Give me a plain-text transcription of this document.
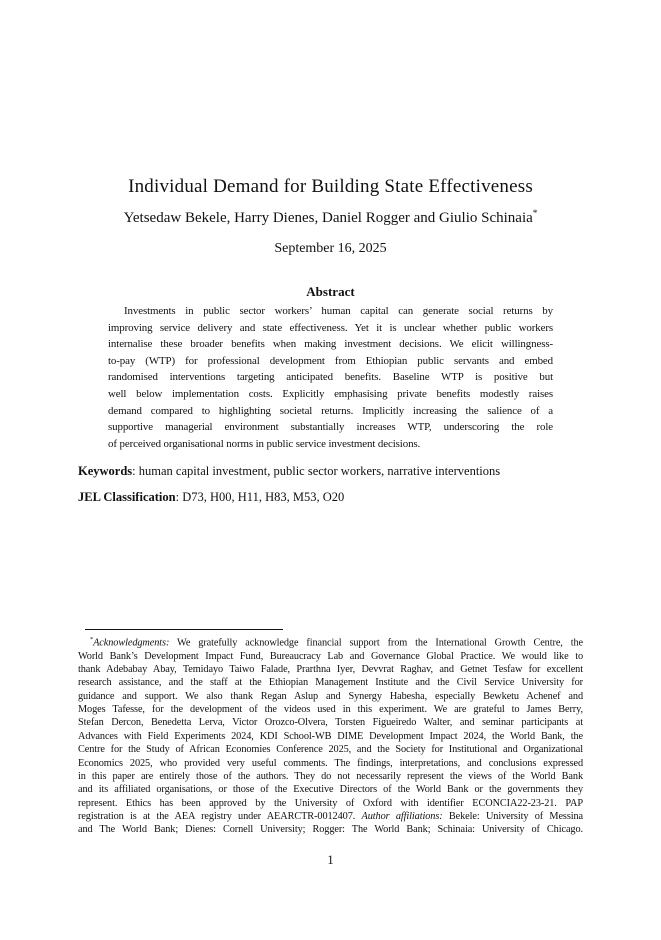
Individual Demand for Building State Effectiveness
Yetsedaw Bekele, Harry Dienes, Daniel Rogger and Giulio Schinaia*
September 16, 2025
Abstract
Investments in public sector workers’ human capital can generate social returns by
improving service delivery and state effectiveness. Yet it is unclear whether public workers
internalise these broader benefits when making investment decisions. We elicit willingness-
to-pay (WTP) for professional development from Ethiopian public servants and embed
randomised interventions targeting anticipated benefits. Baseline WTP is positive but
well below implementation costs. Explicitly emphasising private benefits modestly raises
demand compared to highlighting societal returns. Implicitly increasing the salience of a
supportive managerial environment substantially increases WTP, underscoring the role
of perceived organisational norms in public service investment decisions.
Keywords: human capital investment, public sector workers, narrative interventions
JEL Classification: D73, H00, H11, H83, M53, O20
*Acknowledgments: We gratefully acknowledge financial support from the International Growth Centre, the
World Bank’s Development Impact Fund, Bureaucracy Lab and Governance Global Practice. We would like to
thank Adebabay Abay, Temidayo Taiwo Falade, Prarthna Iyer, Devvrat Raghav, and Getnet Tesfaw for excellent
research assistance, and the staff at the Ethiopian Management Institute and the Civil Service University for
guidance and support. We also thank Regan Aslup and Synergy Habesha, especially Bewketu Achenef and
Moges Tafesse, for the development of the videos used in this experiment. We are grateful to James Berry,
Stefan Dercon, Benedetta Lerva, Victor Orozco-Olvera, Torsten Figueiredo Walter, and seminar participants at
Advances with Field Experiments 2024, KDI School-WB DIME Development Impact 2024, the World Bank, the
Centre for the Study of African Economies Conference 2025, and the Society for Institutional and Organizational
Economics 2025, who provided very useful comments. The findings, interpretations, and conclusions expressed
in this paper are entirely those of the authors. They do not necessarily represent the views of the World Bank
and its affiliated organisations, or those of the Executive Directors of the World Bank or the governments they
represent. Ethics has been approved by the University of Oxford with identifier ECONCIA22-23-21. PAP
registration is at the AEA registry under AEARCTR-0012407. Author affiliations: Bekele: University of Messina
and The World Bank; Dienes: Cornell University; Rogger: The World Bank; Schinaia: University of Chicago.
1
